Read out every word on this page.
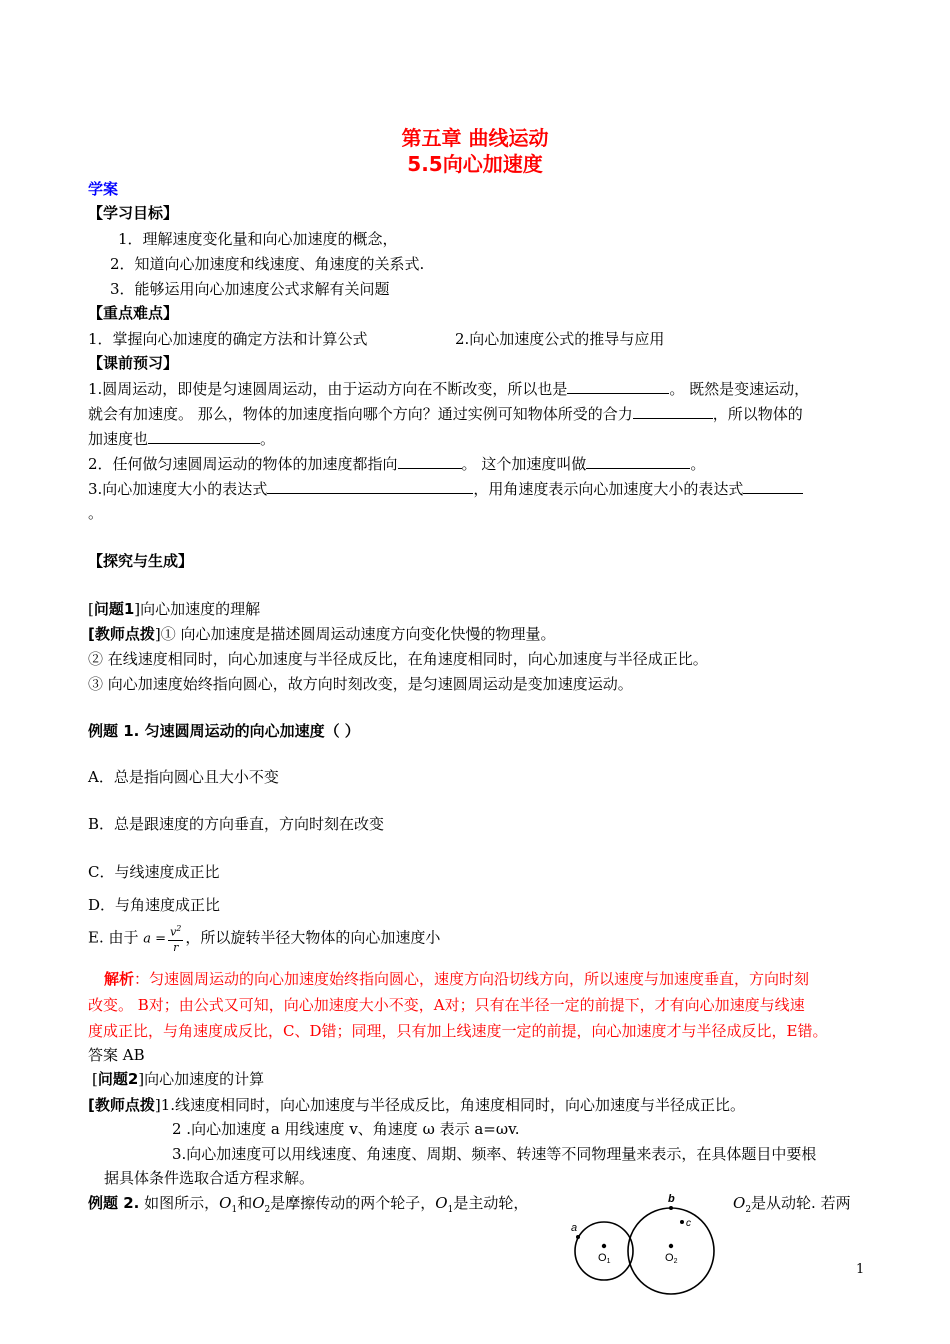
第五章 曲线运动
5.5向心加速度
学案
【学习目标】
1．理解速度变化量和向心加速度的概念，
2．知道向心加速度和线速度、角速度的关系式.
3．能够运用向心加速度公式求解有关问题
【重点难点】
1．掌握向心加速度的确定方法和计算公式	2.向心加速度公式的推导与应用
【课前预习】
1.圆周运动，即使是匀速圆周运动，由于运动方向在不断改变，所以也是	。 既然是变速运动，
就会有加速度。 那么，物体的加速度指向哪个方向？通过实例可知物体所受的合力	，所以物体的
加速度也	。
2．任何做匀速圆周运动的物体的加速度都指向	。 这个加速度叫做	。
3.向心加速度大小的表达式	，用角速度表示向心加速度大小的表达式
。
【探究与生成】
[问题1]向心加速度的理解
[教师点拨]① 向心加速度是描述圆周运动速度方向变化快慢的物理量。
② 在线速度相同时，向心加速度与半径成反比，在角速度相同时，向心加速度与半径成正比。
③ 向心加速度始终指向圆心，故方向时刻改变，是匀速圆周运动是变加速度运动。
例题 1. 匀速圆周运动的向心加速度（ ）
A．总是指向圆心且大小不变
B．总是跟速度的方向垂直，方向时刻在改变
C．与线速度成正比
D．与角速度成正比
E. 由于 $a = \frac{v^2}{r}$ ，所以旋转半径大物体的向心加速度小
解析：匀速圆周运动的向心加速度始终指向圆心，速度方向沿切线方向，所以速度与加速度垂直，方向时刻
改变。 B对；由公式又可知，向心加速度大小不变，A对；只有在半径一定的前提下，才有向心加速度与线速
度成正比，与角速度成反比，C、D错；同理，只有加上线速度一定的前提，向心加速度才与半径成反比，E错。
答案 AB
[问题2]向心加速度的计算
[教师点拨]1.线速度相同时，向心加速度与半径成反比，角速度相同时，向心加速度与半径成正比。
2 .向心加速度 a 用线速度 v、角速度 ω 表示 a=ωv.
3.向心加速度可以用线速度、角速度、周期、频率、转速等不同物理量来表示，在具体题目中要根
据具体条件选取合适方程求解。
例题 2. 如图所示，$O_1$和$O_2$是摩擦传动的两个轮子，$O_1$是主动轮，	$O_2$是从动轮. 若两
a
b
c
O1	O2
1
